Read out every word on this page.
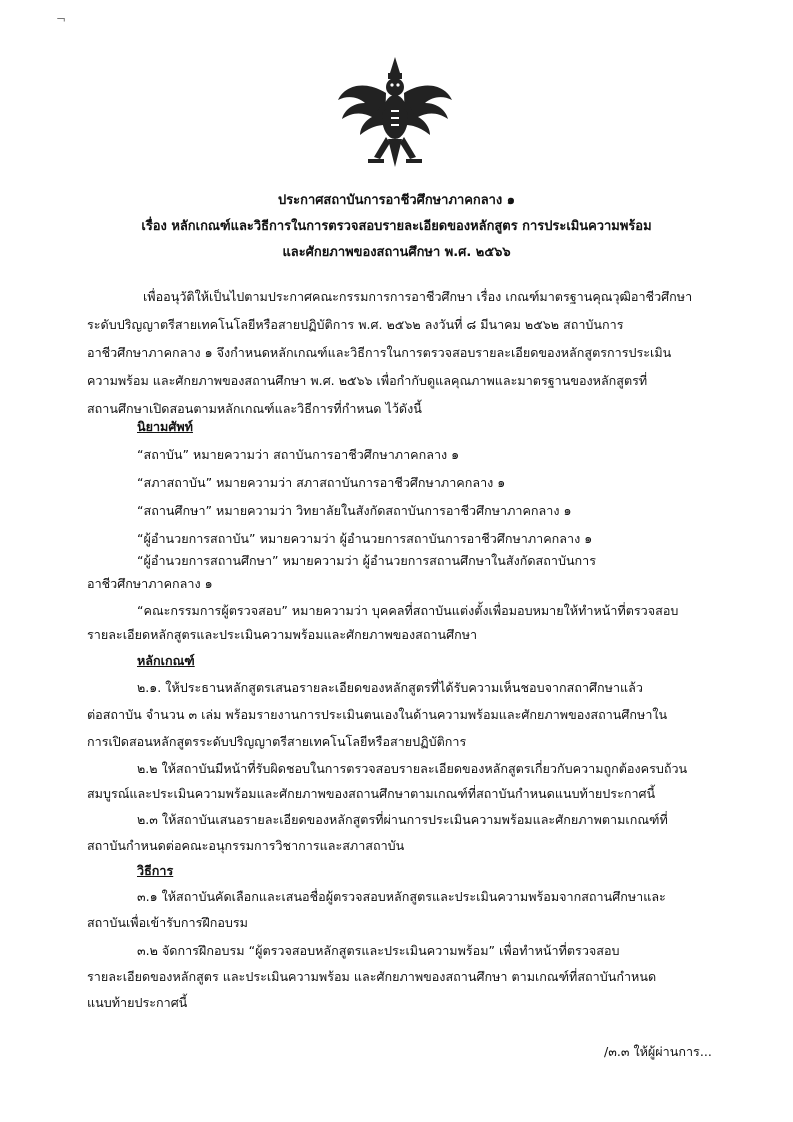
¬
ประกาศสถาบันการอาชีวศึกษาภาคกลาง ๑
เรื่อง หลักเกณฑ์และวิธีการในการตรวจสอบรายละเอียดของหลักสูตร การประเมินความพร้อม
และศักยภาพของสถานศึกษา พ.ศ. ๒๕๖๖
เพื่ออนุวัติให้เป็นไปตามประกาศคณะกรรมการการอาชีวศึกษา เรื่อง เกณฑ์มาตรฐานคุณวุฒิอาชีวศึกษา
ระดับปริญญาตรีสายเทคโนโลยีหรือสายปฏิบัติการ พ.ศ. ๒๕๖๒ ลงวันที่ ๘ มีนาคม ๒๕๖๒ สถาบันการ
อาชีวศึกษาภาคกลาง ๑ จึงกำหนดหลักเกณฑ์และวิธีการในการตรวจสอบรายละเอียดของหลักสูตรการประเมิน
ความพร้อม และศักยภาพของสถานศึกษา พ.ศ. ๒๕๖๖ เพื่อกำกับดูแลคุณภาพและมาตรฐานของหลักสูตรที่
สถานศึกษาเปิดสอนตามหลักเกณฑ์และวิธีการที่กำหนด ไว้ดังนี้
นิยามศัพท์
“สถาบัน” หมายความว่า สถาบันการอาชีวศึกษาภาคกลาง ๑
“สภาสถาบัน” หมายความว่า สภาสถาบันการอาชีวศึกษาภาคกลาง ๑
“สถานศึกษา” หมายความว่า วิทยาลัยในสังกัดสถาบันการอาชีวศึกษาภาคกลาง ๑
“ผู้อำนวยการสถาบัน” หมายความว่า ผู้อำนวยการสถาบันการอาชีวศึกษาภาคกลาง ๑
“ผู้อำนวยการสถานศึกษา” หมายความว่า ผู้อำนวยการสถานศึกษาในสังกัดสถาบันการ
อาชีวศึกษาภาคกลาง ๑
“คณะกรรมการผู้ตรวจสอบ” หมายความว่า บุคคลที่สถาบันแต่งตั้งเพื่อมอบหมายให้ทำหน้าที่ตรวจสอบ
รายละเอียดหลักสูตรและประเมินความพร้อมและศักยภาพของสถานศึกษา
หลักเกณฑ์
๒.๑. ให้ประธานหลักสูตรเสนอรายละเอียดของหลักสูตรที่ได้รับความเห็นชอบจากสถาศึกษาแล้ว
ต่อสถาบัน จำนวน ๓ เล่ม พร้อมรายงานการประเมินตนเองในด้านความพร้อมและศักยภาพของสถานศึกษาใน
การเปิดสอนหลักสูตรระดับปริญญาตรีสายเทคโนโลยีหรือสายปฏิบัติการ
๒.๒ ให้สถาบันมีหน้าที่รับผิดชอบในการตรวจสอบรายละเอียดของหลักสูตรเกี่ยวกับความถูกต้องครบถ้วน
สมบูรณ์และประเมินความพร้อมและศักยภาพของสถานศึกษาตามเกณฑ์ที่สถาบันกำหนดแนบท้ายประกาศนี้
๒.๓ ให้สถาบันเสนอรายละเอียดของหลักสูตรที่ผ่านการประเมินความพร้อมและศักยภาพตามเกณฑ์ที่
สถาบันกำหนดต่อคณะอนุกรรมการวิชาการและสภาสถาบัน
วิธีการ
๓.๑ ให้สถาบันคัดเลือกและเสนอชื่อผู้ตรวจสอบหลักสูตรและประเมินความพร้อมจากสถานศึกษาและ
สถาบันเพื่อเข้ารับการฝึกอบรม
๓.๒ จัดการฝึกอบรม “ผู้ตรวจสอบหลักสูตรและประเมินความพร้อม” เพื่อทำหน้าที่ตรวจสอบ
รายละเอียดของหลักสูตร และประเมินความพร้อม และศักยภาพของสถานศึกษา ตามเกณฑ์ที่สถาบันกำหนด
แนบท้ายประกาศนี้
/๓.๓ ให้ผู้ผ่านการ...
